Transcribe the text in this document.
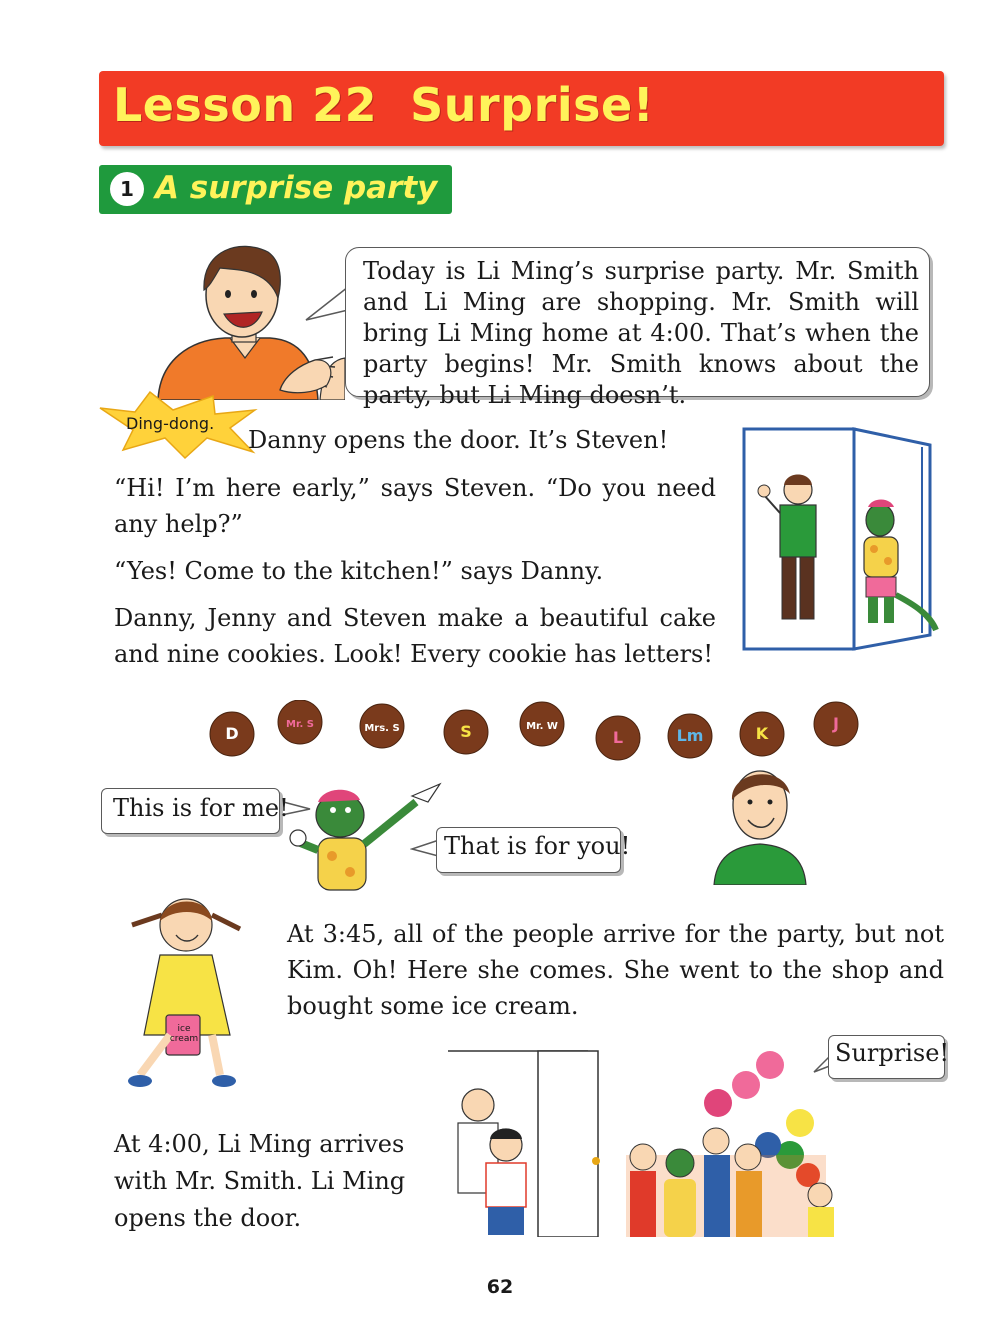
Lesson 22  Surprise!
1 A surprise party
Today is Li Ming’s surprise party. Mr. Smith and Li Ming are shopping. Mr. Smith will bring Li Ming home at 4:00. That’s when the party begins! Mr. Smith knows about the party, but Li Ming doesn’t.
Ding-dong.
Danny opens the door. It’s Steven!
“Hi! I’m here early,” says Steven. “Do you need any help?”
“Yes! Come to the kitchen!” says Danny.
Danny, Jenny and Steven make a beautiful cake and nine cookies. Look! Every cookie has letters!
D	Mr. S	Mrs. S	S	Mr. W
L	Lm	K
J
This is for me!
That is for you!
ice cream
At 3:45, all of the people arrive for the party, but not Kim. Oh! Here she comes. She went to the shop and bought some ice cream.
Surprise!
At 4:00, Li Ming arrives with Mr. Smith. Li Ming opens the door.
62
